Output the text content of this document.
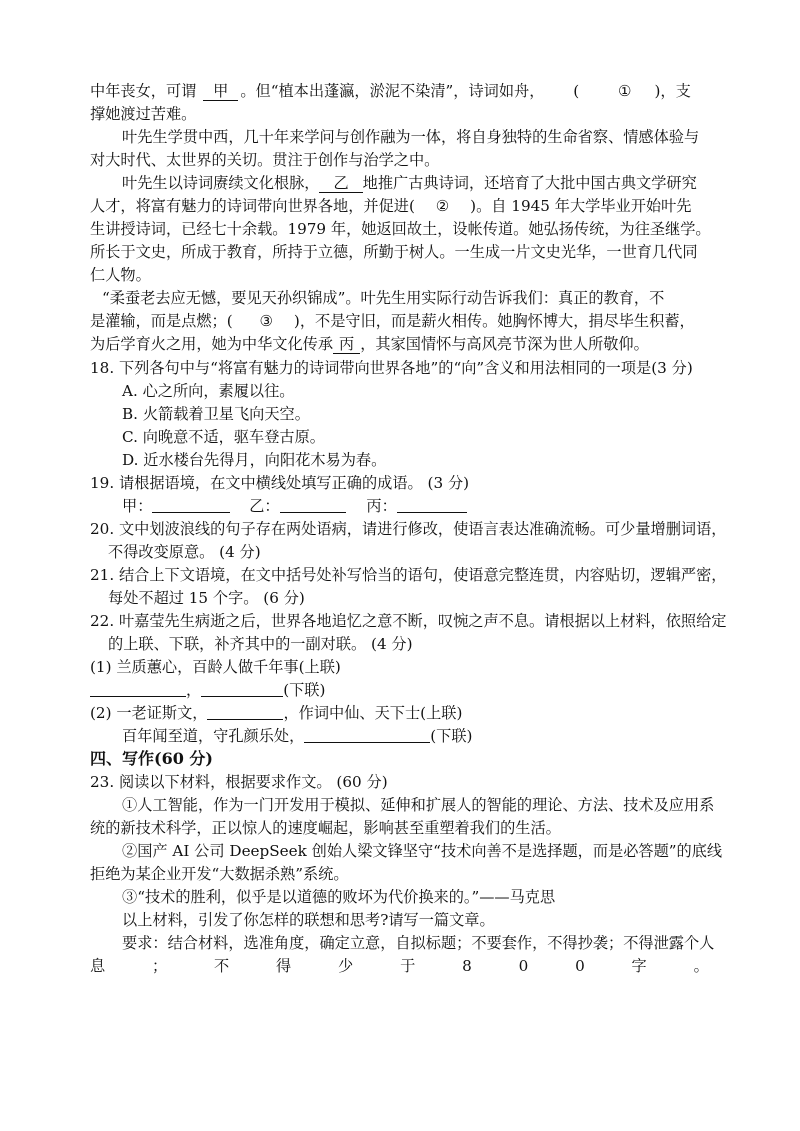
中年丧女，可谓 甲 。但“植本出蓬瀛，淤泥不染清”，诗词如舟， (	① )，支
撑她渡过苦难。
叶先生学贯中西，几十年来学问与创作融为一体，将自身独特的生命省察、情感体验与
对大时代、太世界的关切。贯注于创作与治学之中。
叶先生以诗词赓续文化根脉， 乙 地推广古典诗词，还培育了大批中国古典文学研究
人才，将富有魅力的诗词带向世界各地，并促进( ② )。自 1945 年大学毕业开始叶先
生讲授诗词，已经七十余载。1979 年，她返回故土，设帐传道。她弘扬传统，为往圣继学。
所长于文史，所成于教育，所持于立德，所勤于树人。一生成一片文史光华，一世育几代同
仁人物。
“柔蚕老去应无憾，要见天孙织锦成”。叶先生用实际行动告诉我们：真正的教育，不
是灌输，而是点燃；( ③ )，不是守旧，而是薪火相传。她胸怀博大，捐尽毕生积蓄，
为后学育火之用，她为中华文化传承 丙 ，其家国情怀与高风亮节深为世人所敬仰。
18. 下列各句中与“将富有魅力的诗词带向世界各地”的“向”含义和用法相同的一项是(3 分)
A. 心之所向，素履以往。
B. 火箭载着卫星飞向天空。
C. 向晚意不适，驱车登古原。
D. 近水楼台先得月，向阳花木易为春。
19. 请根据语境，在文中横线处填写正确的成语。 (3 分)
甲：	乙：	丙：
20. 文中划波浪线的句子存在两处语病，请进行修改，使语言表达准确流畅。可少量增删词语，
不得改变原意。 (4 分)
21. 结合上下文语境，在文中括号处补写恰当的语句，使语意完整连贯，内容贴切，逻辑严密，
每处不超过 15 个字。 (6 分)
22. 叶嘉莹先生病逝之后，世界各地追忆之意不断，叹惋之声不息。请根据以上材料，依照给定
的上联、下联，补齐其中的一副对联。 (4 分)
(1) 兰质蕙心，百龄人做千年事(上联)
，	(下联)
(2) 一老证斯文，	，作词中仙、天下士(上联)
百年闻至道，守孔颜乐处，	(下联)
四、写作(60 分)
23. 阅读以下材料，根据要求作文。 (60 分)
①人工智能，作为一门开发用于模拟、延伸和扩展人的智能的理论、方法、技术及应用系
统的新技术科学，正以惊人的速度崛起，影响甚至重塑着我们的生活。
②国产 AI 公司 DeepSeek 创始人梁文锋坚守“技术向善不是选择题，而是必答题”的底线
拒绝为某企业开发“大数据杀熟”系统。
③“技术的胜利，似乎是以道德的败坏为代价换来的。”——马克思
以上材料，引发了你怎样的联想和思考?请写一篇文章。
要求：结合材料，选准角度，确定立意，自拟标题；不要套作，不得抄袭；不得泄露个人
息 ； 不 得 少 于 8 0 0 字 。
